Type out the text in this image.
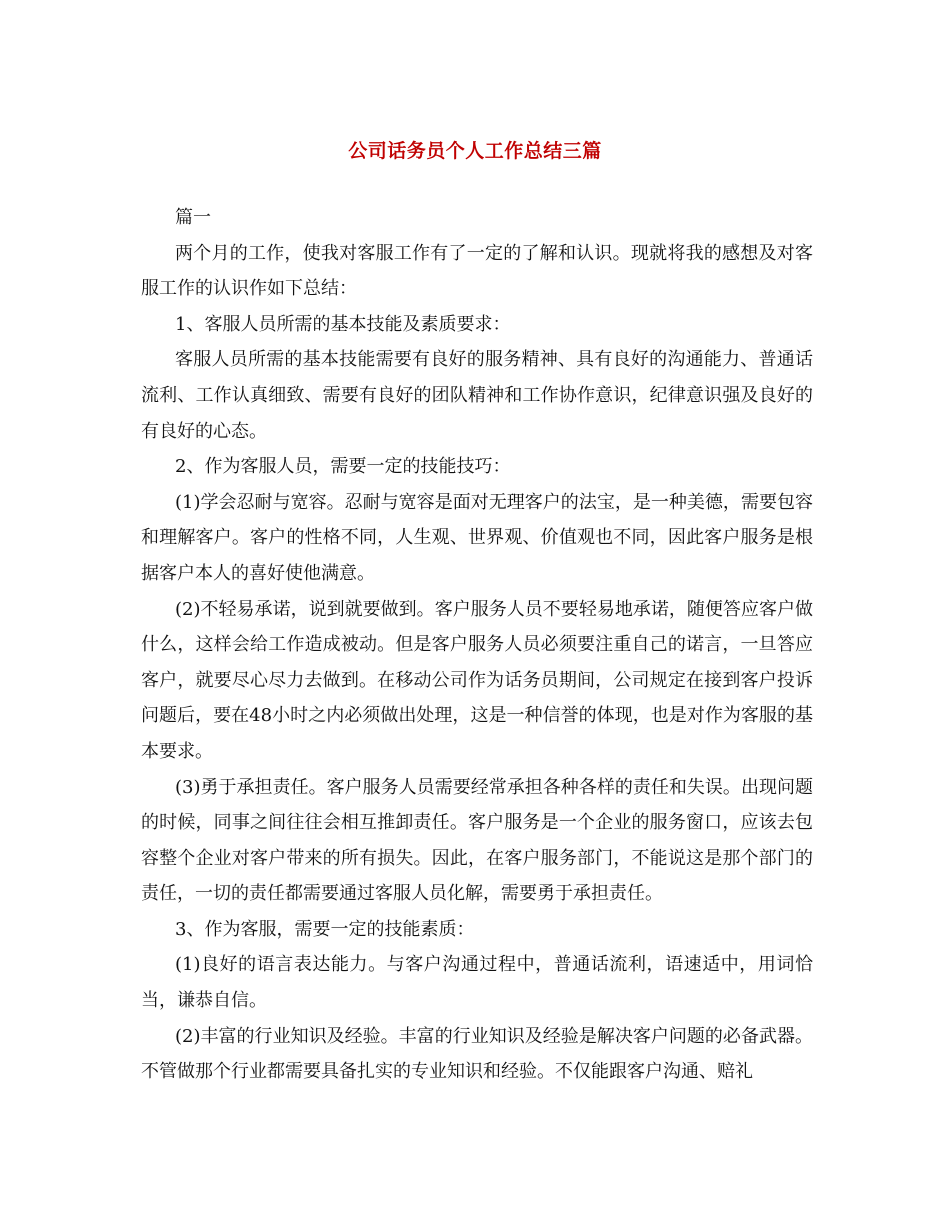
公司话务员个人工作总结三篇

篇一

两个月的工作，使我对客服工作有了一定的了解和认识。现就将我的感想及对客服工作的认识作如下总结：

1、客服人员所需的基本技能及素质要求：

客服人员所需的基本技能需要有良好的服务精神、具有良好的沟通能力、普通话流利、工作认真细致、需要有良好的团队精神和工作协作意识，纪律意识强及良好的有良好的心态。

2、作为客服人员，需要一定的技能技巧：

(1)学会忍耐与宽容。忍耐与宽容是面对无理客户的法宝，是一种美德，需要包容和理解客户。客户的性格不同，人生观、世界观、价值观也不同，因此客户服务是根据客户本人的喜好使他满意。

(2)不轻易承诺，说到就要做到。客户服务人员不要轻易地承诺，随便答应客户做什么，这样会给工作造成被动。但是客户服务人员必须要注重自己的诺言，一旦答应客户，就要尽心尽力去做到。在移动公司作为话务员期间，公司规定在接到客户投诉问题后，要在48小时之内必须做出处理，这是一种信誉的体现，也是对作为客服的基本要求。

(3)勇于承担责任。客户服务人员需要经常承担各种各样的责任和失误。出现问题的时候，同事之间往往会相互推卸责任。客户服务是一个企业的服务窗口，应该去包容整个企业对客户带来的所有损失。因此，在客户服务部门，不能说这是那个部门的责任，一切的责任都需要通过客服人员化解，需要勇于承担责任。

3、作为客服，需要一定的技能素质：

(1)良好的语言表达能力。与客户沟通过程中，普通话流利，语速适中，用词恰当，谦恭自信。

(2)丰富的行业知识及经验。丰富的行业知识及经验是解决客户问题的必备武器。不管做那个行业都需要具备扎实的专业知识和经验。不仅能跟客户沟通、赔礼
